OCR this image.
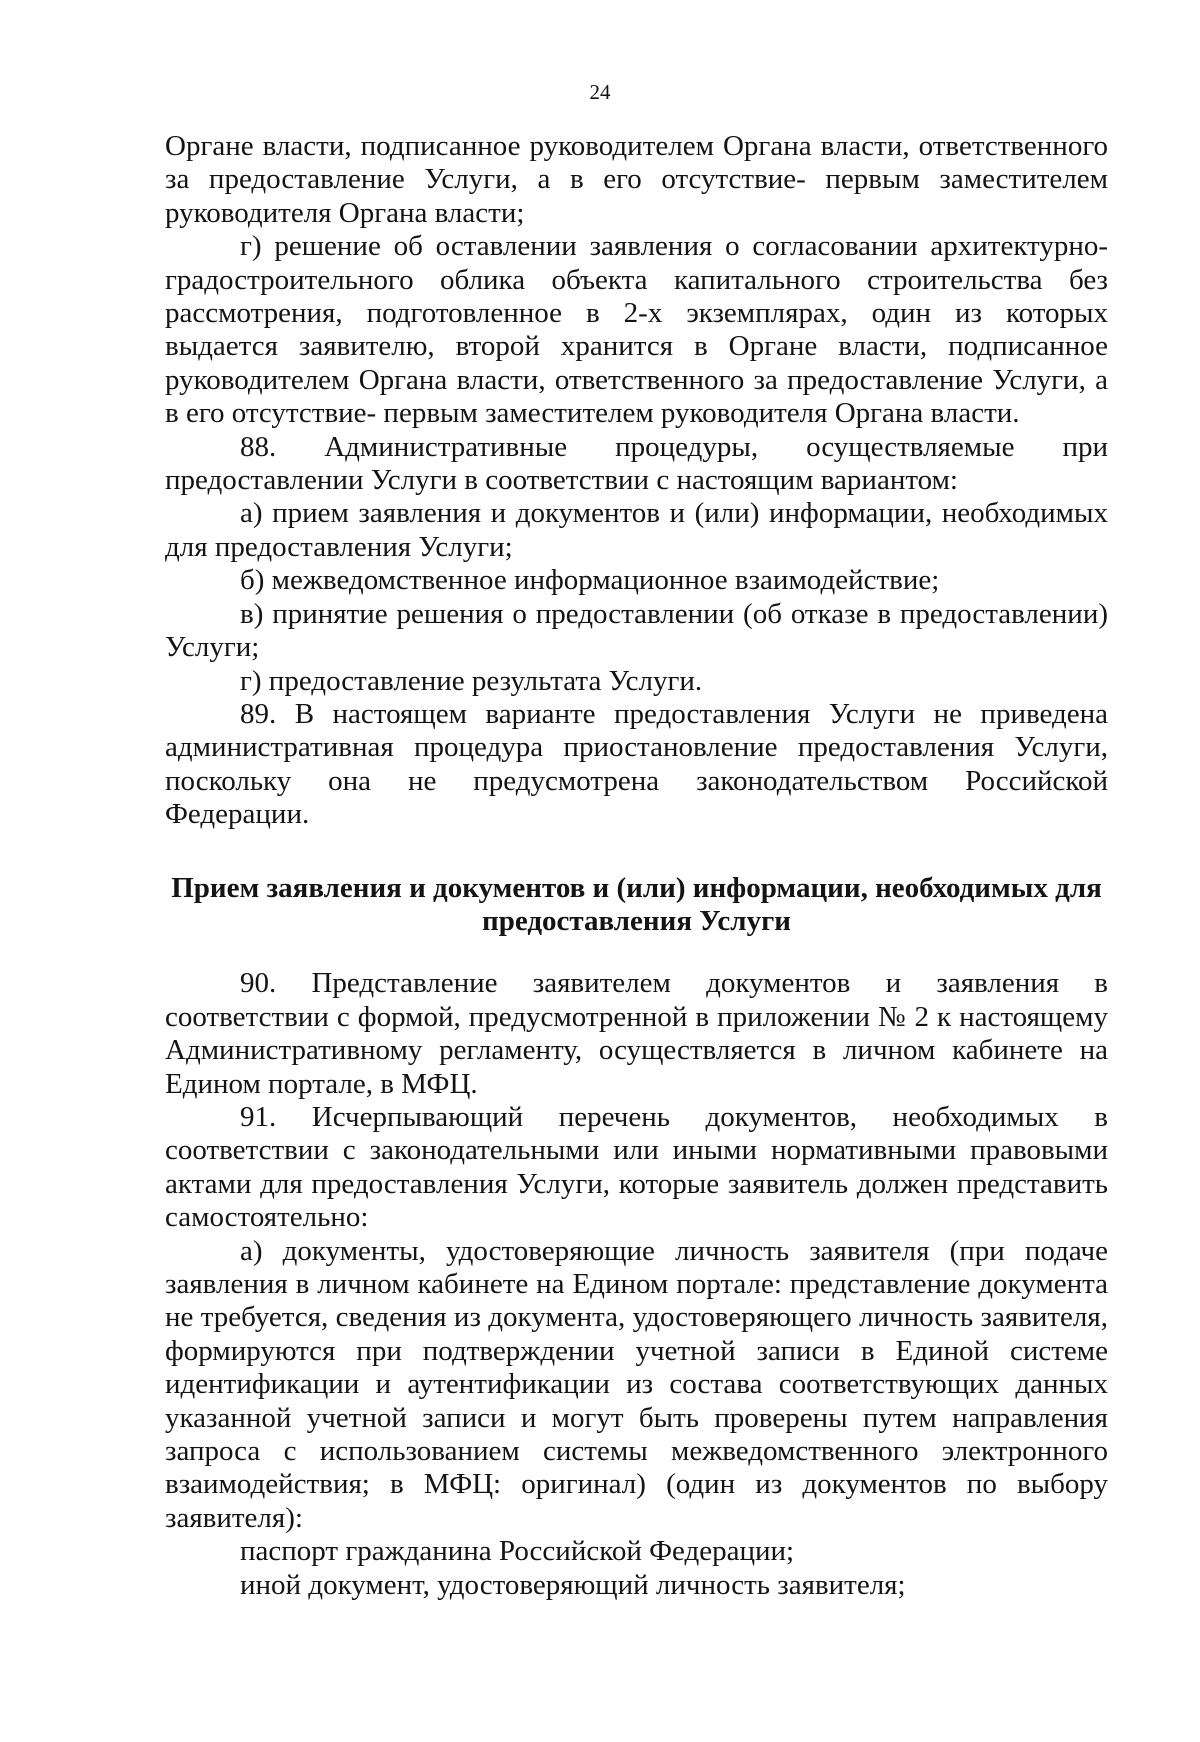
24

Органе власти, подписанное руководителем Органа власти, ответственного за предоставление Услуги, а в его отсутствие- первым заместителем руководителя Органа власти;

г) решение об оставлении заявления о согласовании архитектурно-градостроительного облика объекта капитального строительства без рассмотрения, подготовленное в 2-х экземплярах, один из которых выдается заявителю, второй хранится в Органе власти, подписанное руководителем Органа власти, ответственного за предоставление Услуги, а в его отсутствие- первым заместителем руководителя Органа власти.

88. Административные процедуры, осуществляемые при предоставлении Услуги в соответствии с настоящим вариантом:

а) прием заявления и документов и (или) информации, необходимых для предоставления Услуги;

б) межведомственное информационное взаимодействие;

в) принятие решения о предоставлении (об отказе в предоставлении) Услуги;

г) предоставление результата Услуги.

89. В настоящем варианте предоставления Услуги не приведена административная процедура приостановление предоставления Услуги, поскольку она не предусмотрена законодательством Российской Федерации.

Прием заявления и документов и (или) информации, необходимых для
предоставления Услуги

90. Представление заявителем документов и заявления в соответствии с формой, предусмотренной в приложении № 2 к настоящему Административному регламенту, осуществляется в личном кабинете на Едином портале, в МФЦ.

91. Исчерпывающий перечень документов, необходимых в соответствии с законодательными или иными нормативными правовыми актами для предоставления Услуги, которые заявитель должен представить самостоятельно:

а) документы, удостоверяющие личность заявителя (при подаче заявления в личном кабинете на Едином портале: представление документа не требуется, сведения из документа, удостоверяющего личность заявителя, формируются при подтверждении учетной записи в Единой системе идентификации и аутентификации из состава соответствующих данных указанной учетной записи и могут быть проверены путем направления запроса с использованием системы межведомственного электронного взаимодействия; в МФЦ: оригинал) (один из документов по выбору заявителя):

паспорт гражданина Российской Федерации;

иной документ, удостоверяющий личность заявителя;
